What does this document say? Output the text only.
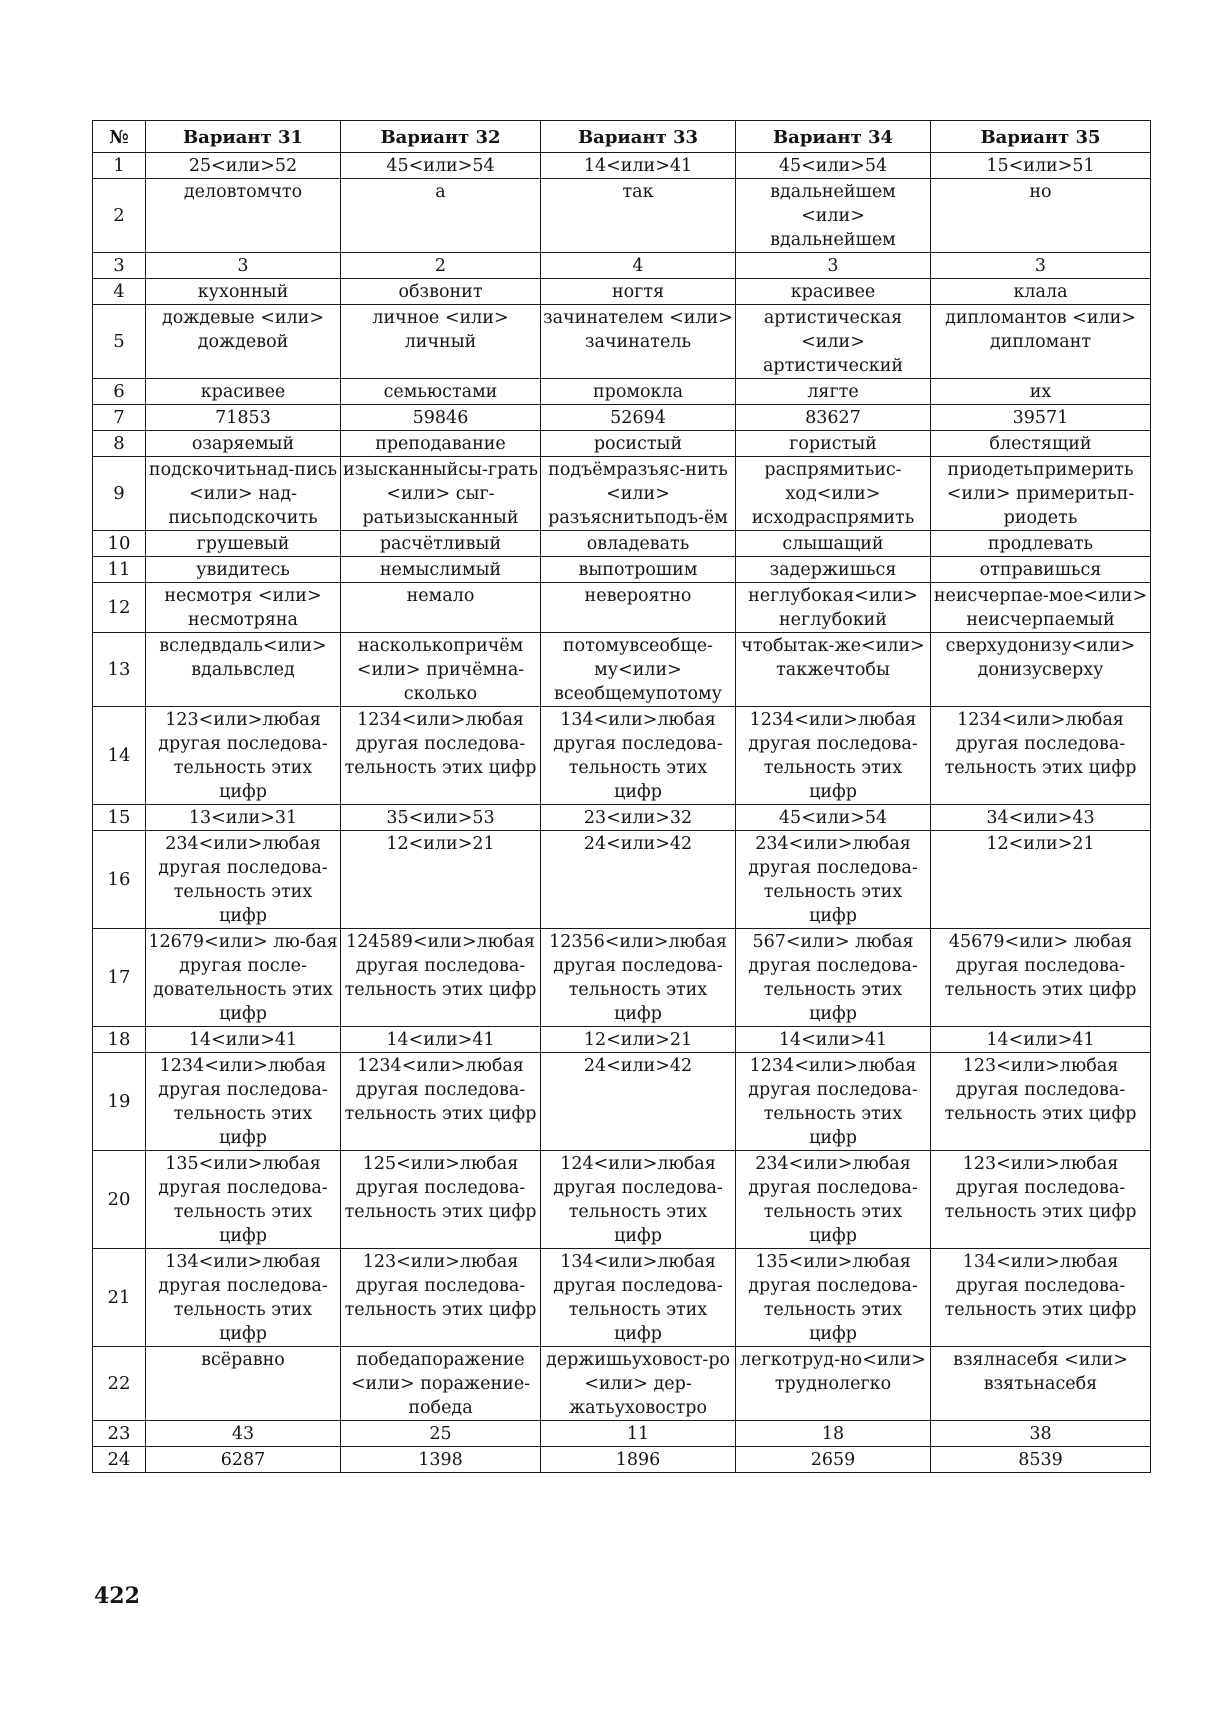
№	Вариант 31	Вариант 32	Вариант 33	Вариант 34	Вариант 35
1	25<или>52	45<или>54	14<или>41	45<или>54	15<или>51
2	деловтомчто	а	так	вдальнейшем <или> вдальнейшем	но
3	3	2	4	3	3
4	кухонный	обзвонит	ногтя	красивее	клала
5	дождевые <или> дождевой	личное <или> личный	зачинателем <или> зачинатель	артистическая <или> артистический	дипломантов <или> дипломант
6	красивее	семьюстами	промокла	лягте	их
7	71853	59846	52694	83627	39571
8	озаряемый	преподавание	росистый	гористый	блестящий
9	подскочитьнад-пись <или> над-письподскочить	изысканныйсы-грать <или> сыг-ратьизысканный	подъёмразъяс-нить <или> разъяснитьподъ-ём	распрямитьис-ход<или> исходраспрямить	приодетьпримерить <или> примеритьп-риодеть
10	грушевый	расчётливый	овладевать	слышащий	продлевать
11	увидитесь	немыслимый	выпотрошим	задержишься	отправишься
12	несмотря <или> несмотряна	немало	невероятно	неглубокая<или> неглубокий	неисчерпае-мое<или> неисчерпаемый
13	вследвдаль<или> вдальвслед	насколькопричём <или> причёмна-сколько	потомувсеобще-му<или> всеобщемупотому	чтобытак-же<или> такжечтобы	сверхудонизу<или> донизусверху
14	123<или>любая другая последова-тельность этих цифр	1234<или>любая другая последова-тельность этих цифр	134<или>любая другая последова-тельность этих цифр	1234<или>любая другая последова-тельность этих цифр	1234<или>любая другая последова-тельность этих цифр
15	13<или>31	35<или>53	23<или>32	45<или>54	34<или>43
16	234<или>любая другая последова-тельность этих цифр	12<или>21	24<или>42	234<или>любая другая последова-тельность этих цифр	12<или>21
17	12679<или> лю-бая другая после-довательность этих цифр	124589<или>любая другая последова-тельность этих цифр	12356<или>любая другая последова-тельность этих цифр	567<или> любая другая последова-тельность этих цифр	45679<или> любая другая последова-тельность этих цифр
18	14<или>41	14<или>41	12<или>21	14<или>41	14<или>41
19	1234<или>любая другая последова-тельность этих цифр	1234<или>любая другая последова-тельность этих цифр	24<или>42	1234<или>любая другая последова-тельность этих цифр	123<или>любая другая последова-тельность этих цифр
20	135<или>любая другая последова-тельность этих цифр	125<или>любая другая последова-тельность этих цифр	124<или>любая другая последова-тельность этих цифр	234<или>любая другая последова-тельность этих цифр	123<или>любая другая последова-тельность этих цифр
21	134<или>любая другая последова-тельность этих цифр	123<или>любая другая последова-тельность этих цифр	134<или>любая другая последова-тельность этих цифр	135<или>любая другая последова-тельность этих цифр	134<или>любая другая последова-тельность этих цифр
22	всёравно	победапоражение <или> поражение-победа	держишьуховост-ро <или> дер-жатьуховостро	легкотруд-но<или> труднолегко	взялнасебя <или> взятьнасебя
23	43	25	11	18	38
24	6287	1398	1896	2659	8539
422
